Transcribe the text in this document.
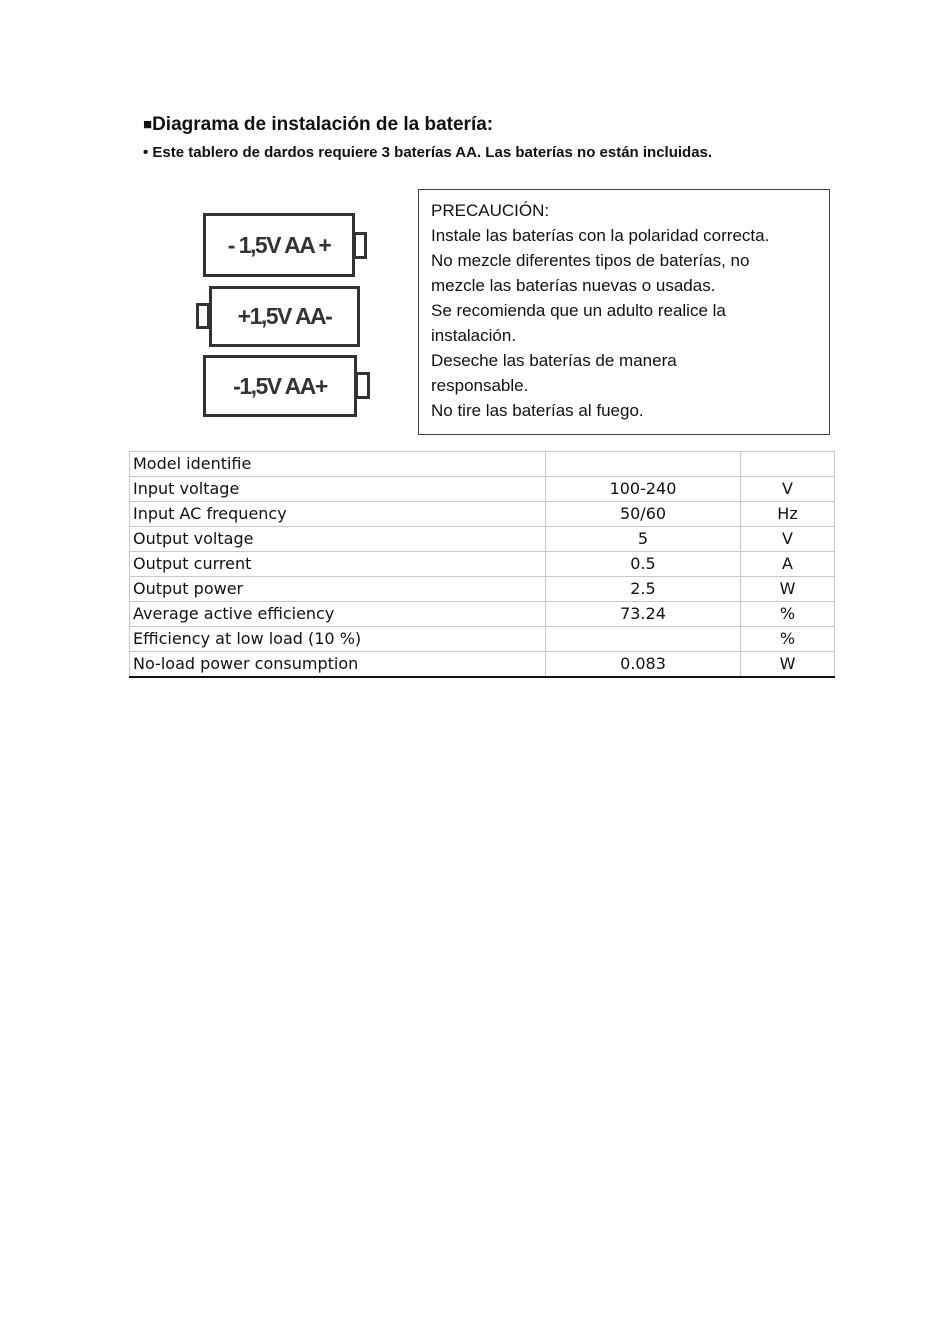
■Diagrama de instalación de la batería:
• Este tablero de dardos requiere 3 baterías AA. Las baterías no están incluidas.
- 1,5V AA +
+1,5V AA-
-1,5V AA+
PRECAUCIÓN:
Instale las baterías con la polaridad correcta.
No mezcle diferentes tipos de baterías, no
mezcle las baterías nuevas o usadas.
Se recomienda que un adulto realice la
instalación.
Deseche las baterías de manera
responsable.
No tire las baterías al fuego.
Model identifie		
Input voltage	100-240	V
Input AC frequency	50/60	Hz
Output voltage	5	V
Output current	0.5	A
Output power	2.5	W
Average active efficiency	73.24	%
Efficiency at low load (10 %)		%
No-load power consumption	0.083	W
